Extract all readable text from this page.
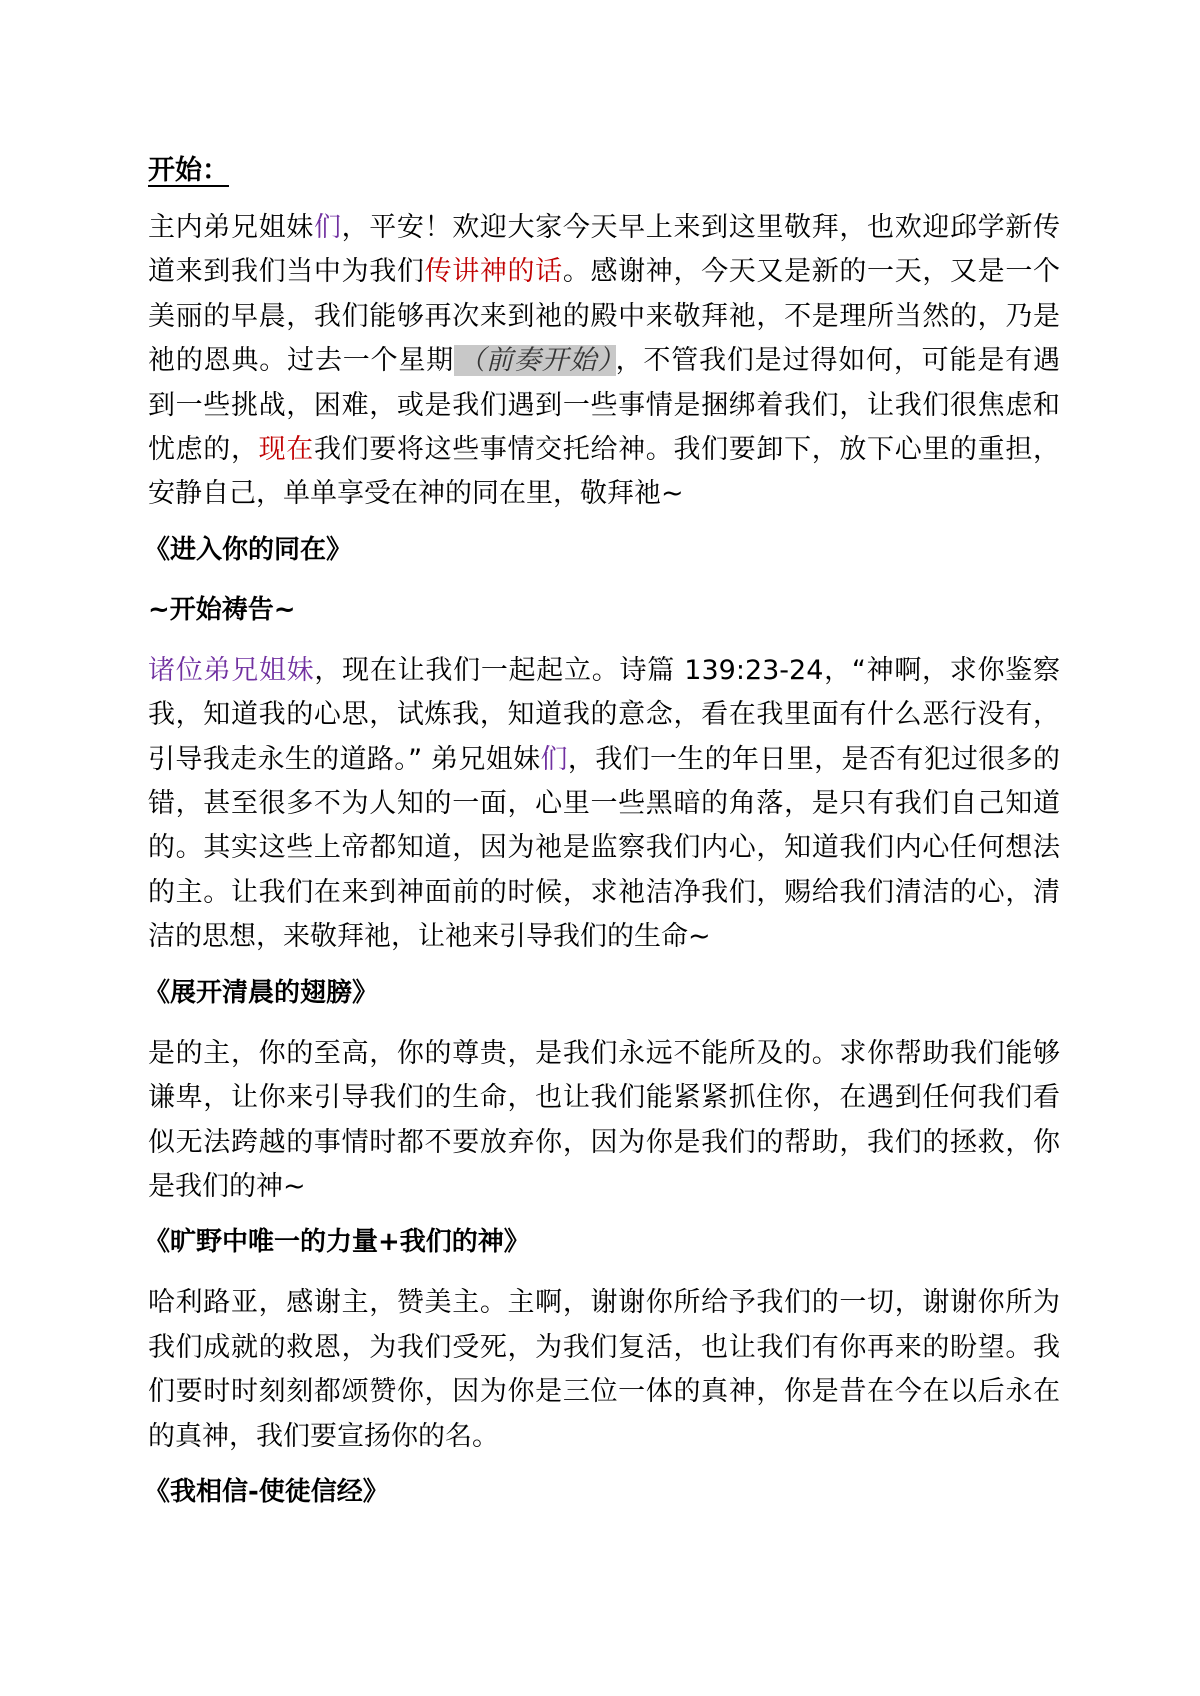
开始：

主内弟兄姐妹们，平安！欢迎大家今天早上来到这里敬拜，也欢迎邱学新传道来到我们当中为我们传讲神的话。感谢神，今天又是新的一天，又是一个美丽的早晨，我们能够再次来到祂的殿中来敬拜祂，不是理所当然的，乃是祂的恩典。过去一个星期 （前奏开始） ，不管我们是过得如何，可能是有遇到一些挑战，困难，或是我们遇到一些事情是捆绑着我们，让我们很焦虑和忧虑的，现在我们要将这些事情交托给神。我们要卸下，放下心里的重担，安静自己，单单享受在神的同在里，敬拜祂~

《进入你的同在》
~开始祷告~

诸位弟兄姐妹，现在让我们一起起立。诗篇 139:23-24，“神啊，求你鉴察我，知道我的心思，试炼我，知道我的意念，看在我里面有什么恶行没有，引导我走永生的道路。” 弟兄姐妹们，我们一生的年日里，是否有犯过很多的错，甚至很多不为人知的一面，心里一些黑暗的角落，是只有我们自己知道的。其实这些上帝都知道，因为祂是监察我们内心，知道我们内心任何想法的主。让我们在来到神面前的时候，求祂洁净我们，赐给我们清洁的心，清洁的思想，来敬拜祂，让祂来引导我们的生命~

《展开清晨的翅膀》

是的主，你的至高，你的尊贵，是我们永远不能所及的。求你帮助我们能够谦卑，让你来引导我们的生命，也让我们能紧紧抓住你，在遇到任何我们看似无法跨越的事情时都不要放弃你，因为你是我们的帮助，我们的拯救，你是我们的神~

《旷野中唯一的力量+我们的神》

哈利路亚，感谢主，赞美主。主啊，谢谢你所给予我们的一切，谢谢你所为我们成就的救恩，为我们受死，为我们复活，也让我们有你再来的盼望。我们要时时刻刻都颂赞你，因为你是三位一体的真神，你是昔在今在以后永在的真神，我们要宣扬你的名。

《我相信-使徒信经》
